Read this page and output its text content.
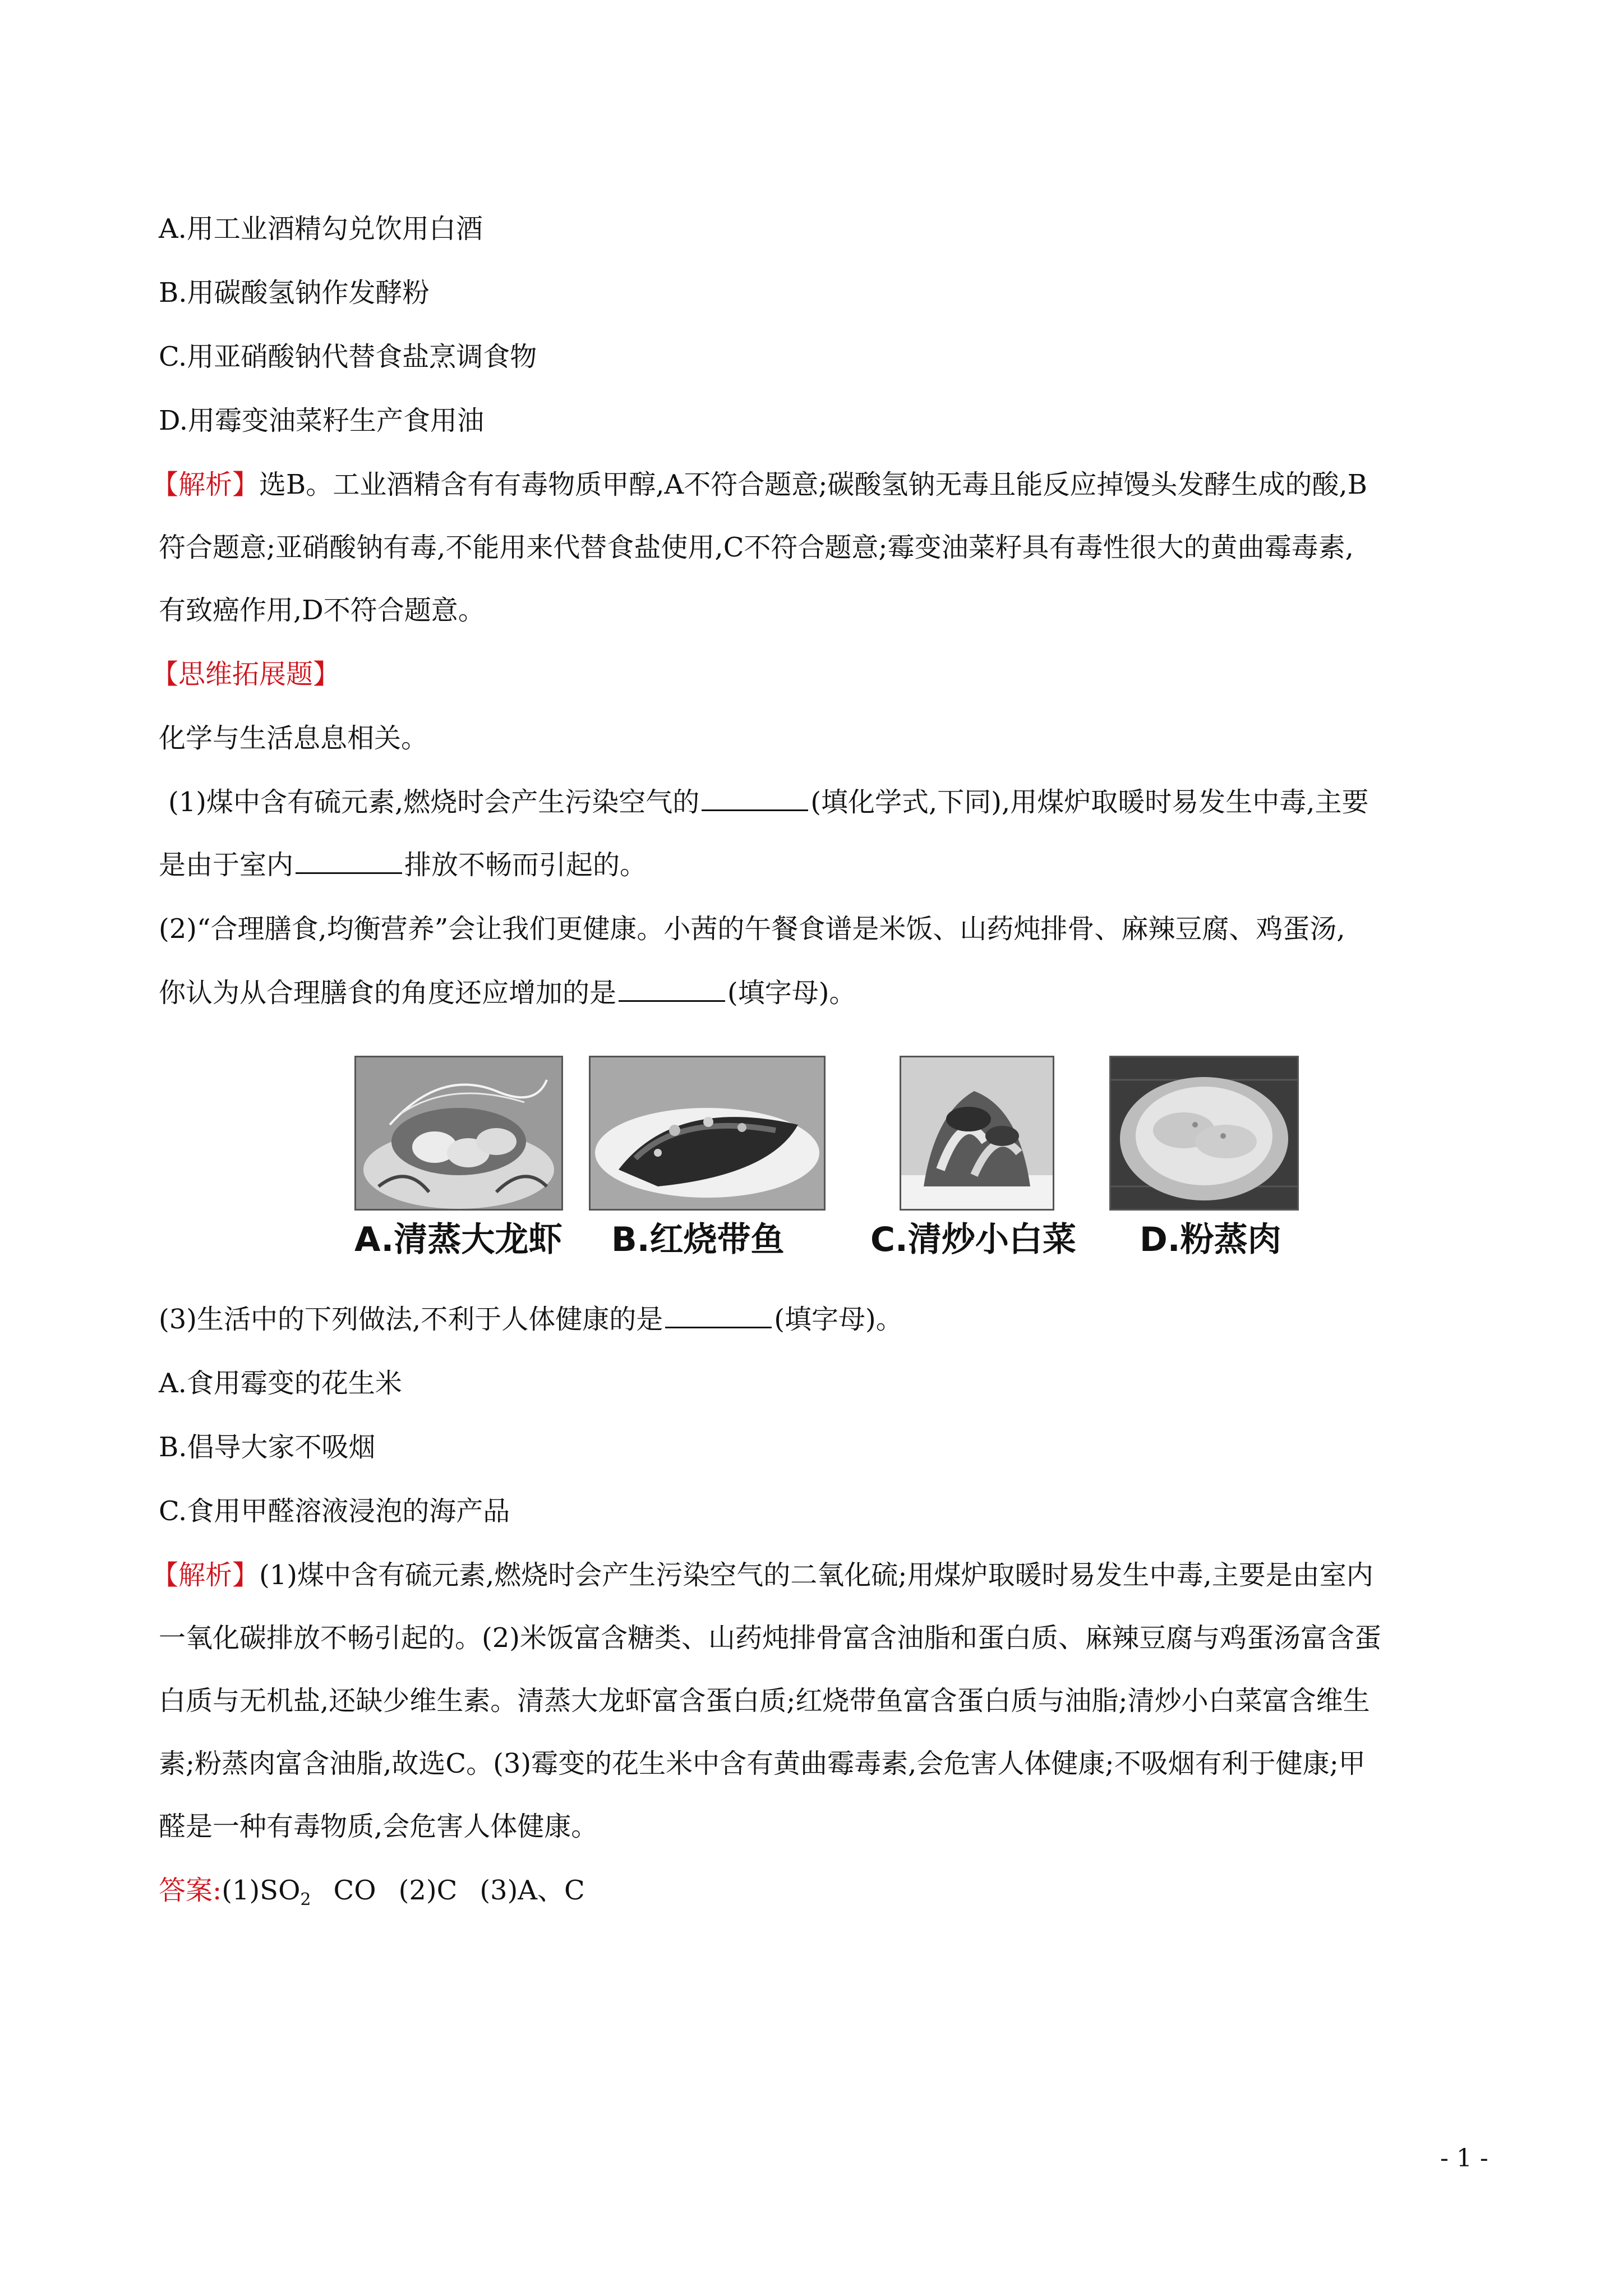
A.用工业酒精勾兑饮用白酒
B.用碳酸氢钠作发酵粉
C.用亚硝酸钠代替食盐烹调食物
D.用霉变油菜籽生产食用油
【解析】选B。工业酒精含有有毒物质甲醇,A不符合题意;碳酸氢钠无毒且能反应掉馒头发酵生成的酸,B
符合题意;亚硝酸钠有毒,不能用来代替食盐使用,C不符合题意;霉变油菜籽具有毒性很大的黄曲霉毒素,
有致癌作用,D不符合题意。
【思维拓展题】
化学与生活息息相关。
(1)煤中含有硫元素,燃烧时会产生污染空气的	(填化学式,下同),用煤炉取暖时易发生中毒,主要
是由于室内	排放不畅而引起的。
(2)“合理膳食,均衡营养”会让我们更健康。小茜的午餐食谱是米饭、山药炖排骨、麻辣豆腐、鸡蛋汤,
你认为从合理膳食的角度还应增加的是	(填字母)。
A.清蒸大龙虾 B.红烧带鱼	C.清炒小白菜 D.粉蒸肉
(3)生活中的下列做法,不利于人体健康的是	(填字母)。
A.食用霉变的花生米
B.倡导大家不吸烟
C.食用甲醛溶液浸泡的海产品
【解析】(1)煤中含有硫元素,燃烧时会产生污染空气的二氧化硫;用煤炉取暖时易发生中毒,主要是由室内
一氧化碳排放不畅引起的。(2)米饭富含糖类、山药炖排骨富含油脂和蛋白质、麻辣豆腐与鸡蛋汤富含蛋
白质与无机盐,还缺少维生素。清蒸大龙虾富含蛋白质;红烧带鱼富含蛋白质与油脂;清炒小白菜富含维生
素;粉蒸肉富含油脂,故选C。(3)霉变的花生米中含有黄曲霉毒素,会危害人体健康;不吸烟有利于健康;甲
醛是一种有毒物质,会危害人体健康。
答案$:(1)SO_2$ CO (2)C (3)A、C
- 1 -
